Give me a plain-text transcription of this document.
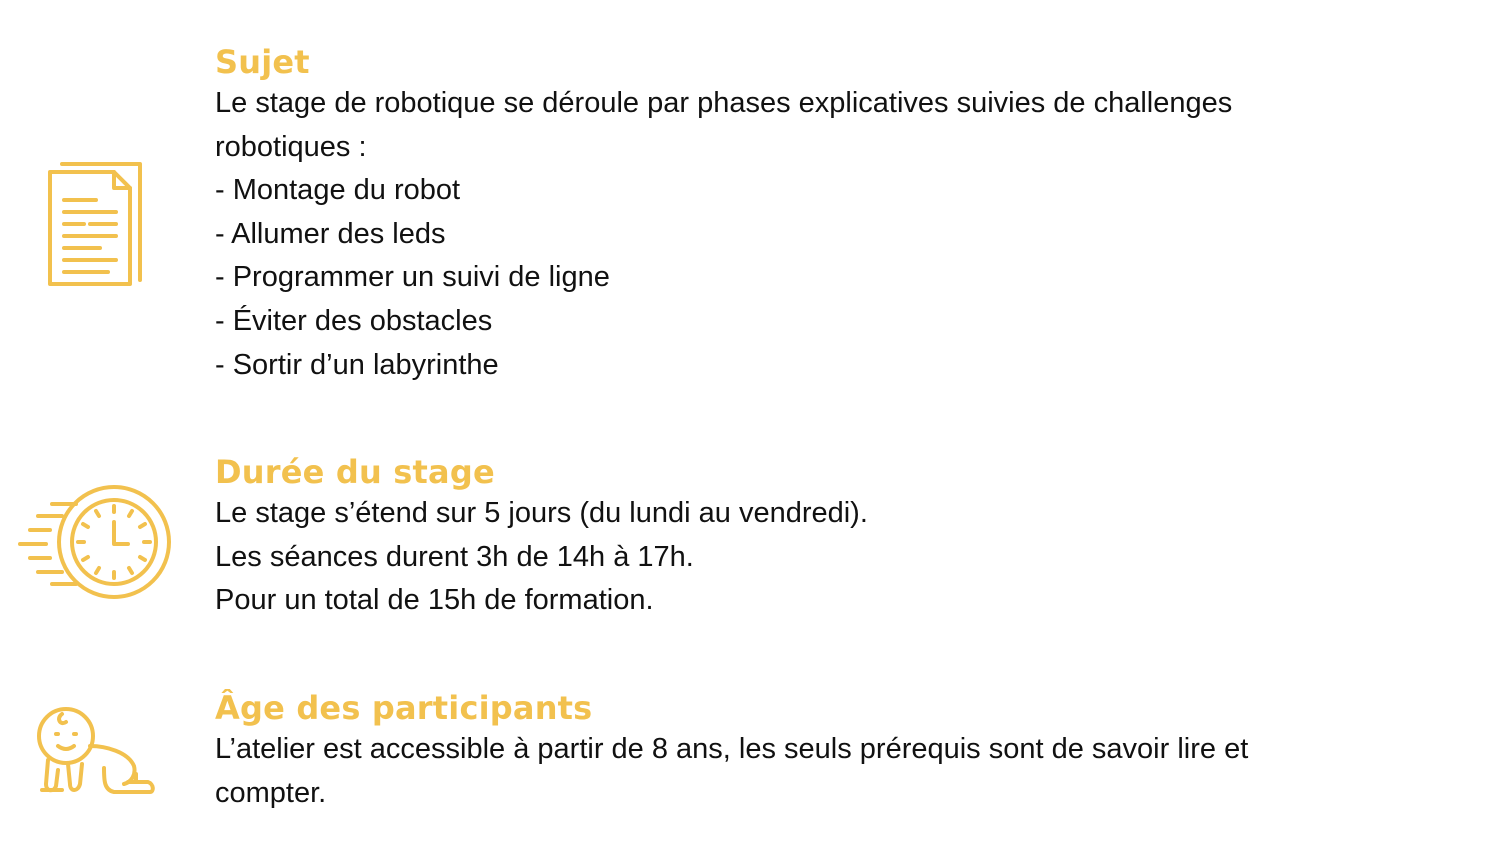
Sujet

Le stage de robotique se déroule par phases explicatives suivies de challenges

robotiques :

- Montage du robot

- Allumer des leds

- Programmer un suivi de ligne

- Éviter des obstacles

- Sortir d’un labyrinthe

Durée du stage

Le stage s’étend sur 5 jours (du lundi au vendredi).

Les séances durent 3h de 14h à 17h.

Pour un total de 15h de formation.

Âge des participants

L’atelier est accessible à partir de 8 ans, les seuls prérequis sont de savoir lire et

compter.
